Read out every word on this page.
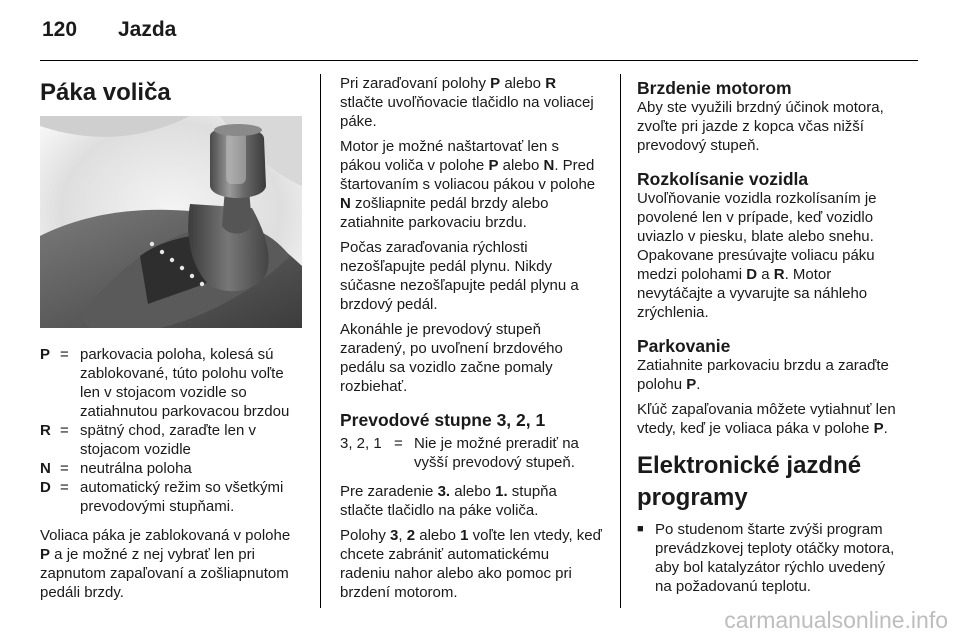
120 Jazda
Páka voliča
P	=	parkovacia poloha, kolesá sú zablokované, túto polohu voľte len v stojacom vozidle so zatiahnutou parkovacou brzdou
R	=	spätný chod, zaraďte len v stojacom vozidle
N	=	neutrálna poloha
D	=	automatický režim so všetkými prevodovými stupňami.

Voliaca páka je zablokovaná v polohe P a je možné z nej vybrať len pri zapnutom zapaľovaní a zošliapnutom pedáli brzdy.

Pri zaraďovaní polohy P alebo R stlačte uvoľňovacie tlačidlo na voliacej páke.

Motor je možné naštartovať len s pákou voliča v polohe P alebo N. Pred štartovaním s voliacou pákou v polohe N zošliapnite pedál brzdy alebo zatiahnite parkovaciu brzdu.

Počas zaraďovania rýchlosti nezošľapujte pedál plynu. Nikdy súčasne nezošľapujte pedál plynu a brzdový pedál.

Akonáhle je prevodový stupeň zaradený, po uvoľnení brzdového pedálu sa vozidlo začne pomaly rozbiehať.

Prevodové stupne 3, 2, 1
3, 2, 1	=	Nie je možné preradiť na vyšší prevodový stupeň.

Pre zaradenie 3. alebo 1. stupňa stlačte tlačidlo na páke voliča.

Polohy 3, 2 alebo 1 voľte len vtedy, keď chcete zabrániť automatickému radeniu nahor alebo ako pomoc pri brzdení motorom.

Brzdenie motorom

Aby ste využili brzdný účinok motora, zvoľte pri jazde z kopca včas nižší prevodový stupeň.

Rozkolísanie vozidla

Uvoľňovanie vozidla rozkolísaním je povolené len v prípade, keď vozidlo uviazlo v piesku, blate alebo snehu. Opakovane presúvajte voliacu páku medzi polohami D a R. Motor nevytáčajte a vyvarujte sa náhleho zrýchlenia.

Parkovanie

Zatiahnite parkovaciu brzdu a zaraďte polohu P.

Kľúč zapaľovania môžete vytiahnuť len vtedy, keď je voliaca páka v polohe P.

Elektronické jazdné programy
■ Po studenom štarte zvýši program prevádzkovej teploty otáčky motora, aby bol katalyzátor rýchlo uvedený na požadovanú teplotu.
carmanualsonline.info
